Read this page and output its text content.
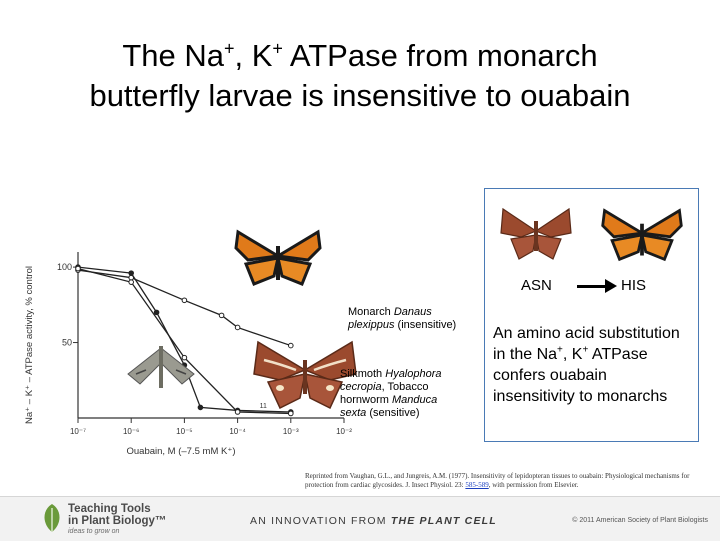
The Na+, K+ ATPase from monarch
butterfly larvae is insensitive to ouabain
100
50
10⁻⁷	10⁻⁶	10⁻⁵	10⁻⁴	10⁻³	10⁻²
Ouabain, M (–7.5 mM K⁺)
Na⁺ – K⁺ – ATPase activity, % control	11
Monarch Danaus plexippus (insensitive)
Silkmoth Hyalophora cecropia, Tobacco hornworm Manduca sexta (sensitive)
ASN	HIS
An amino acid substitution in the Na+, K+ ATPase confers ouabain insensitivity to monarchs
Reprinted from Vaughan, G.L., and Jungreis, A.M. (1977). Insensitivity of lepidopteran tissues to ouabain: Physiological mechanisms for protection from cardiac glycosides. J. Insect Physiol. 23: 585-589, with permission from Elsevier.
Teaching Tools
in Plant Biology™
ideas to grow on
AN INNOVATION FROM THE PLANT CELL	© 2011 American Society of Plant Biologists
